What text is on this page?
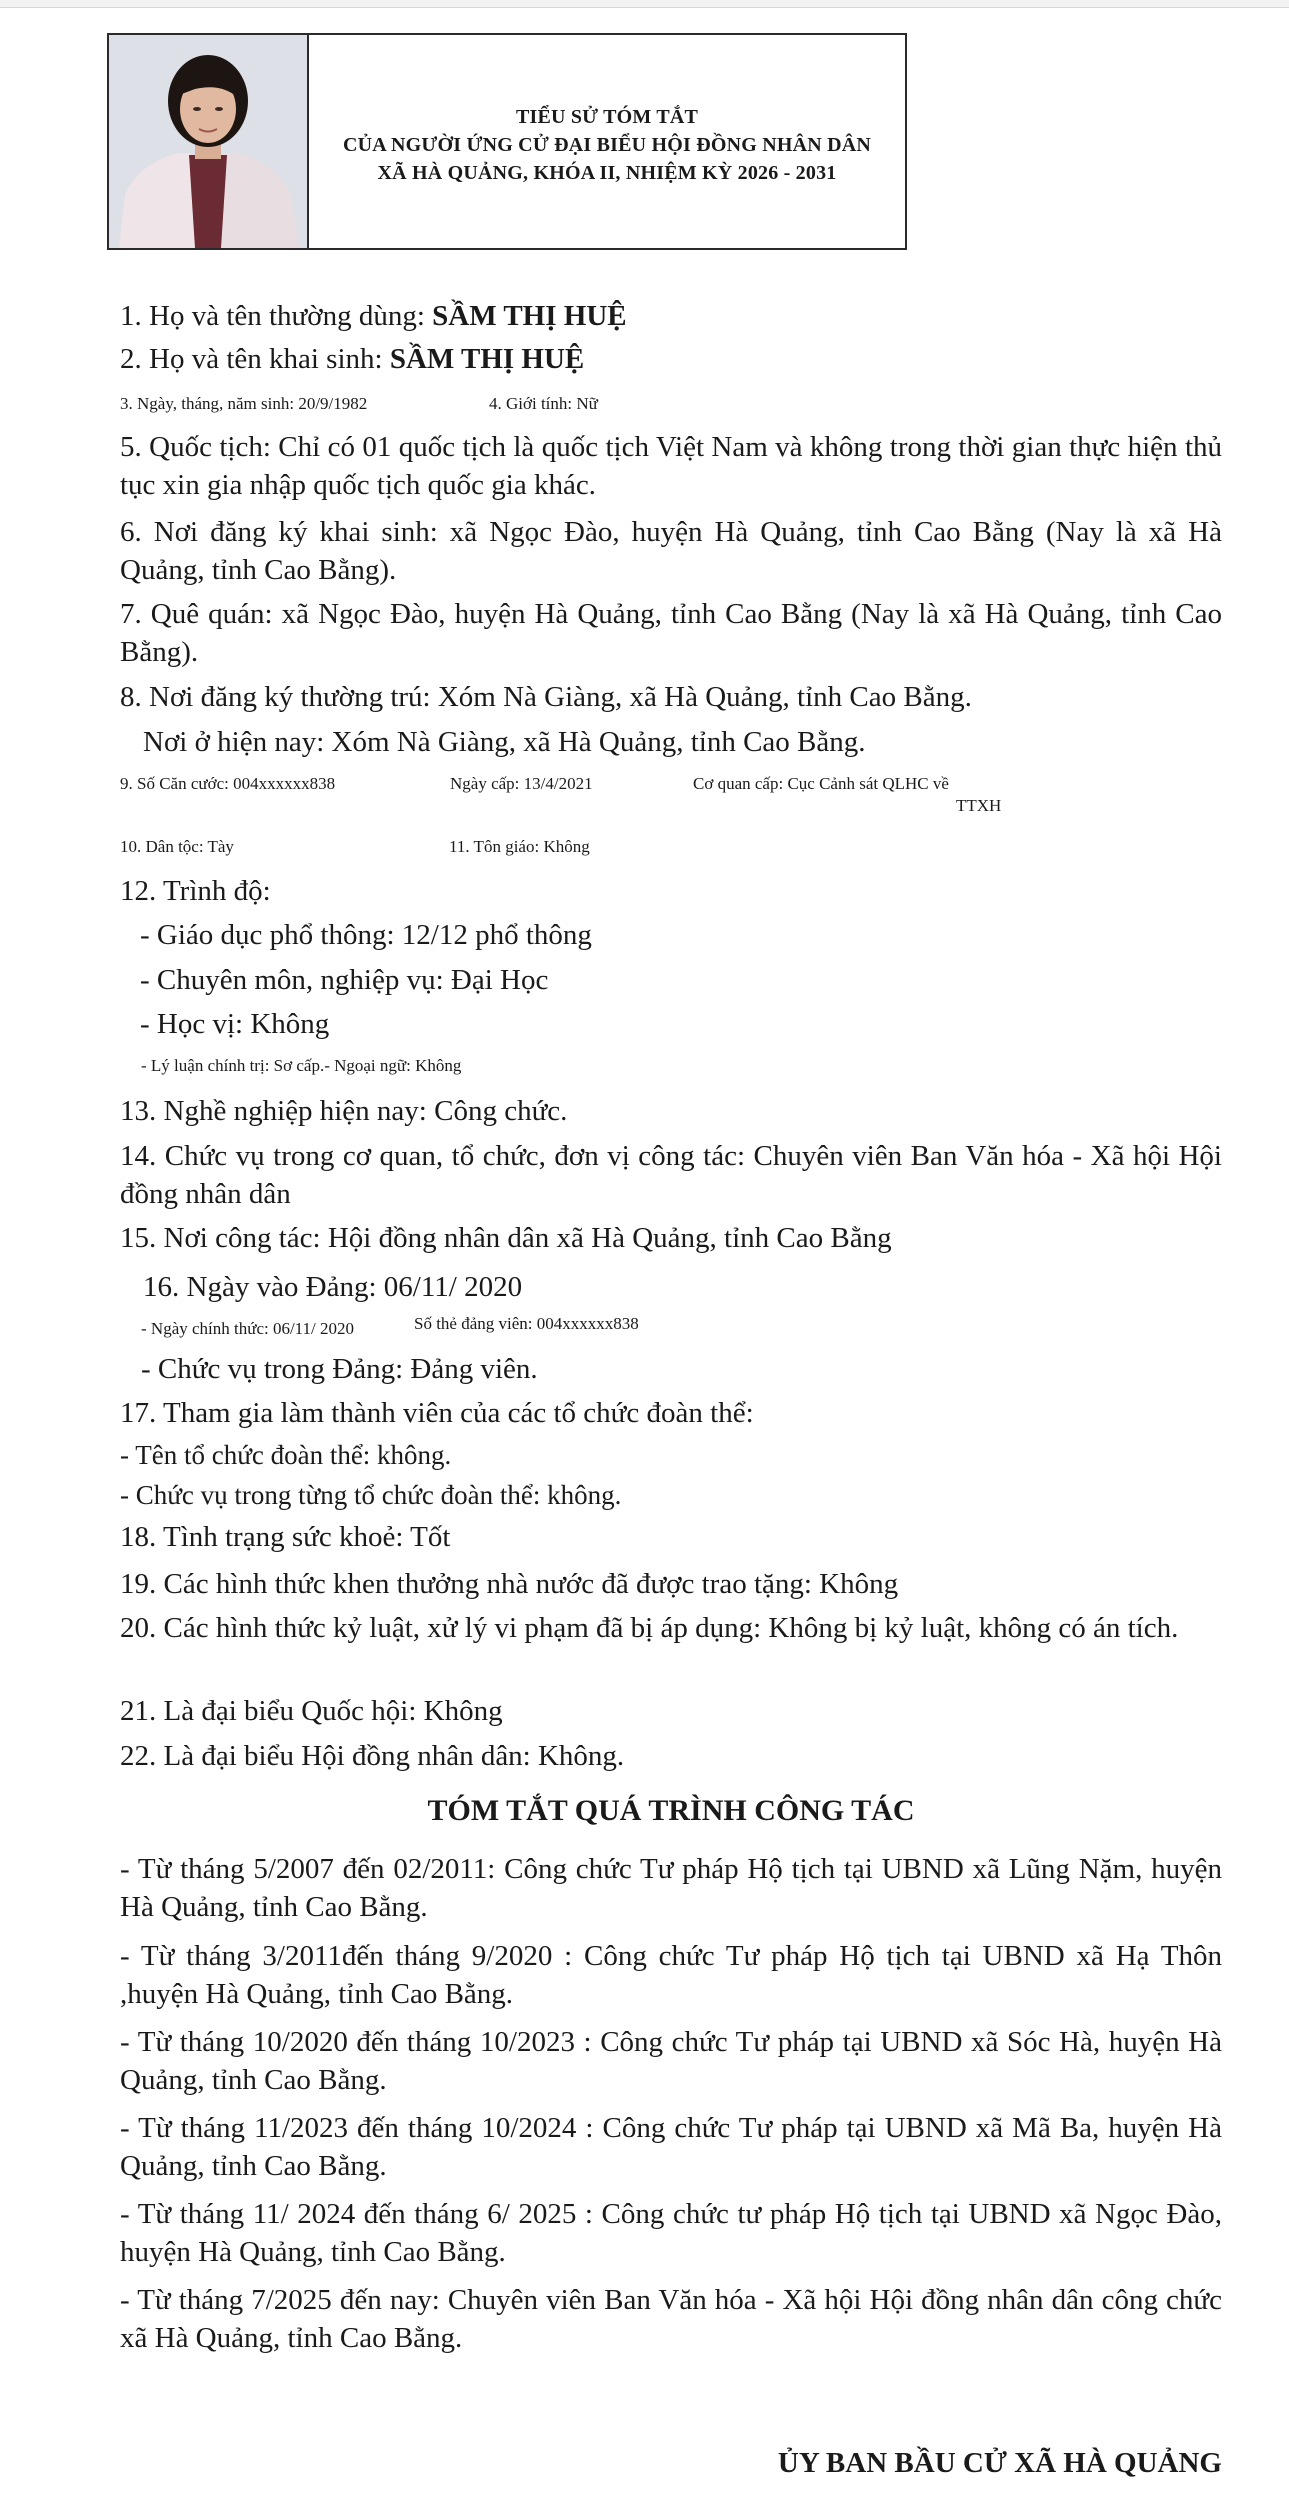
TIỂU SỬ TÓM TẮT
CỦA NGƯỜI ỨNG CỬ ĐẠI BIỂU HỘI ĐỒNG NHÂN DÂN
XÃ HÀ QUẢNG, KHÓA II, NHIỆM KỲ 2026 - 2031
1. Họ và tên thường dùng: SẦM THỊ HUỆ
2. Họ và tên khai sinh: SẦM THỊ HUỆ
3. Ngày, tháng, năm sinh: 20/9/1982	4. Giới tính: Nữ
5. Quốc tịch: Chỉ có 01 quốc tịch là quốc tịch Việt Nam và không trong thời gian thực hiện thủ tục xin gia nhập quốc tịch quốc gia khác.
6. Nơi đăng ký khai sinh: xã Ngọc Đào, huyện Hà Quảng, tỉnh Cao Bằng (Nay là xã Hà Quảng, tỉnh Cao Bằng).
7. Quê quán: xã Ngọc Đào, huyện Hà Quảng, tỉnh Cao Bằng (Nay là xã Hà Quảng, tỉnh Cao Bằng).
8. Nơi đăng ký thường trú: Xóm Nà Giàng, xã Hà Quảng, tỉnh Cao Bằng.
Nơi ở hiện nay: Xóm Nà Giàng, xã Hà Quảng, tỉnh Cao Bằng.
9. Số Căn cước: 004xxxxxx838	Ngày cấp: 13/4/2021	Cơ quan cấp: Cục Cảnh sát QLHC về
TTXH
10. Dân tộc: Tày	11. Tôn giáo: Không
12. Trình độ:
- Giáo dục phổ thông: 12/12 phổ thông
- Chuyên môn, nghiệp vụ: Đại Học
- Học vị: Không
- Lý luận chính trị: Sơ cấp.- Ngoại ngữ: Không
13. Nghề nghiệp hiện nay: Công chức.
14. Chức vụ trong cơ quan, tổ chức, đơn vị công tác: Chuyên viên Ban Văn hóa - Xã hội Hội đồng nhân dân
15. Nơi công tác: Hội đồng nhân dân xã Hà Quảng, tỉnh Cao Bằng
16. Ngày vào Đảng: 06/11/ 2020
- Ngày chính thức: 06/11/ 2020	Số thẻ đảng viên: 004xxxxxx838
- Chức vụ trong Đảng: Đảng viên.
17. Tham gia làm thành viên của các tổ chức đoàn thể:
- Tên tổ chức đoàn thể: không.
- Chức vụ trong từng tổ chức đoàn thể: không.
18. Tình trạng sức khoẻ: Tốt
19. Các hình thức khen thưởng nhà nước đã được trao tặng: Không
20. Các hình thức kỷ luật, xử lý vi phạm đã bị áp dụng: Không bị kỷ luật, không có án tích.
21. Là đại biểu Quốc hội: Không
22. Là đại biểu Hội đồng nhân dân: Không.
TÓM TẮT QUÁ TRÌNH CÔNG TÁC
- Từ tháng 5/2007 đến 02/2011: Công chức Tư pháp Hộ tịch tại UBND xã Lũng Nặm, huyện Hà Quảng, tỉnh Cao Bằng.
- Từ tháng 3/2011đến tháng 9/2020 : Công chức Tư pháp Hộ tịch tại UBND xã Hạ Thôn ,huyện Hà Quảng, tỉnh Cao Bằng.
- Từ tháng 10/2020 đến tháng 10/2023 : Công chức Tư pháp tại UBND xã Sóc Hà, huyện Hà Quảng, tỉnh Cao Bằng.
- Từ tháng 11/2023 đến tháng 10/2024 : Công chức Tư pháp tại UBND xã Mã Ba, huyện Hà Quảng, tỉnh Cao Bằng.
- Từ tháng 11/ 2024 đến tháng 6/ 2025 : Công chức tư pháp Hộ tịch tại UBND xã Ngọc Đào, huyện Hà Quảng, tỉnh Cao Bằng.
- Từ tháng 7/2025 đến nay: Chuyên viên Ban Văn hóa - Xã hội Hội đồng nhân dân công chức xã Hà Quảng, tỉnh Cao Bằng.
ỦY BAN BẦU CỬ XÃ HÀ QUẢNG
